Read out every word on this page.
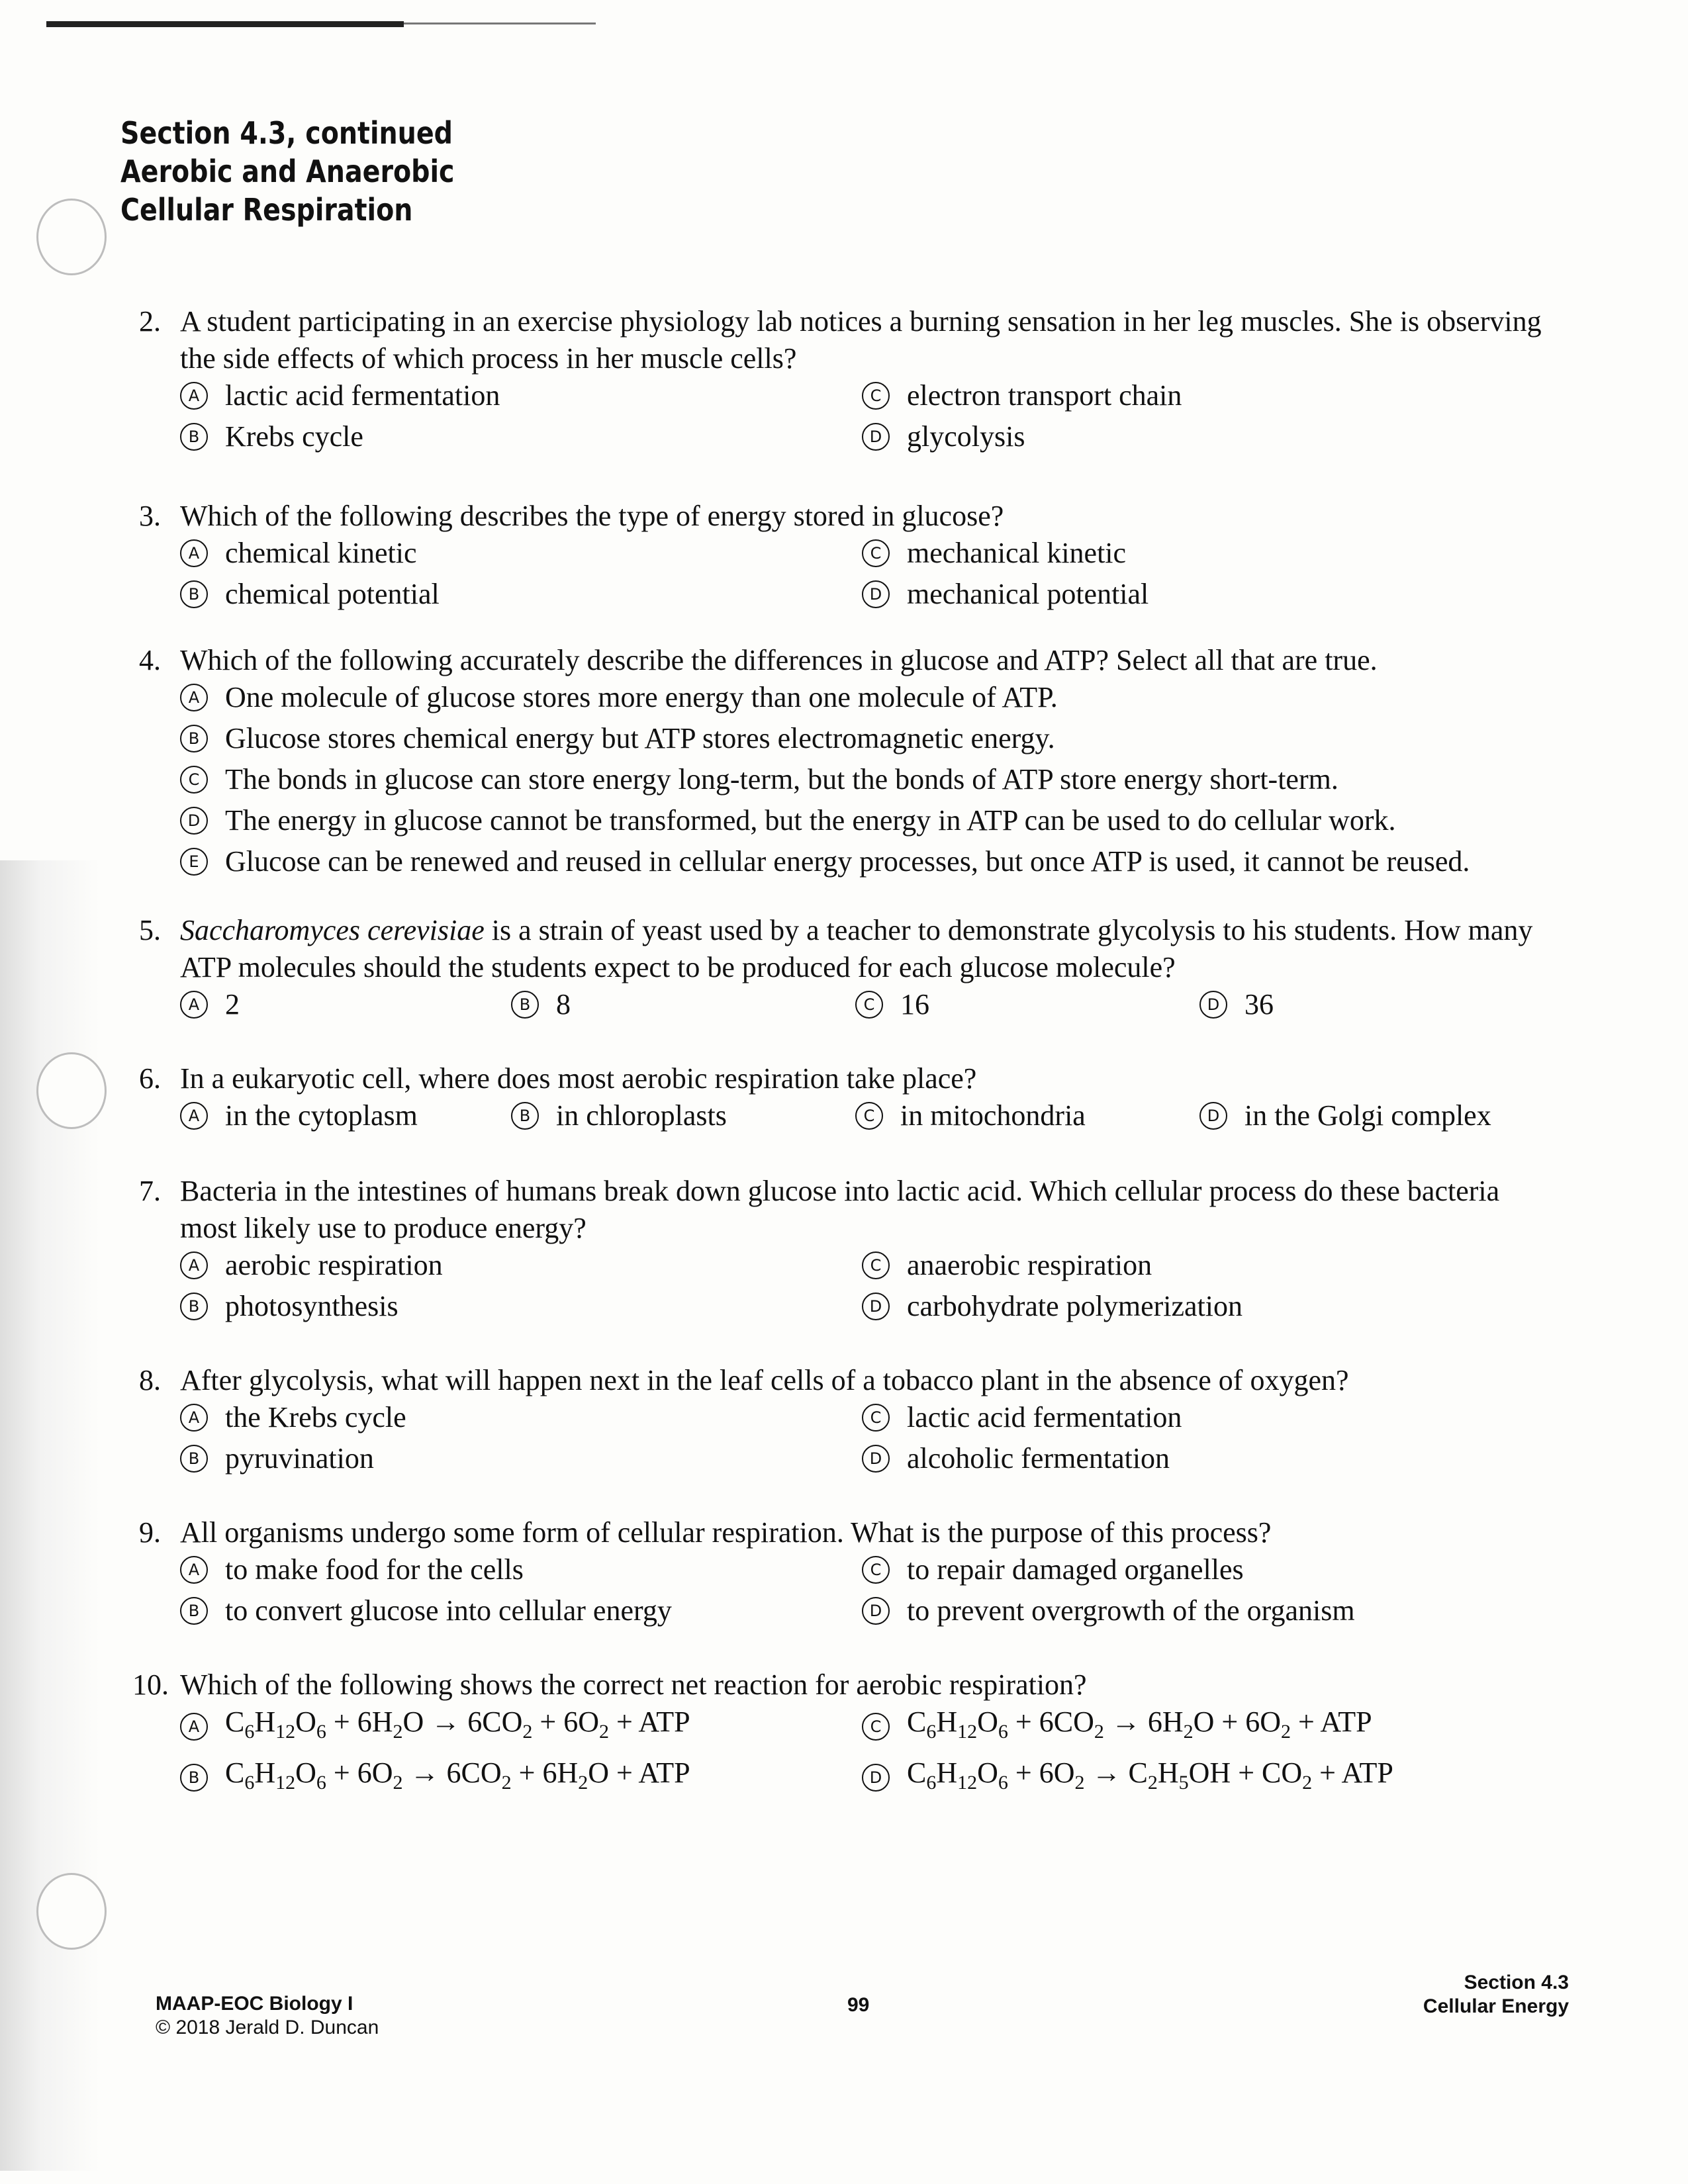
Section 4.3, continued
Aerobic and Anaerobic
Cellular Respiration
2. A student participating in an exercise physiology lab notices a burning sensation in her leg muscles. She is observing the side effects of which process in her muscle cells?
A lactic acid fermentation	C electron transport chain
B Krebs cycle	D glycolysis
3. Which of the following describes the type of energy stored in glucose?
A chemical kinetic	C mechanical kinetic
B chemical potential	D mechanical potential
4. Which of the following accurately describe the differences in glucose and ATP? Select all that are true.
A One molecule of glucose stores more energy than one molecule of ATP.
B Glucose stores chemical energy but ATP stores electromagnetic energy.
C The bonds in glucose can store energy long-term, but the bonds of ATP store energy short-term.
D The energy in glucose cannot be transformed, but the energy in ATP can be used to do cellular work.
E Glucose can be renewed and reused in cellular energy processes, but once ATP is used, it cannot be reused.
5. Saccharomyces cerevisiae is a strain of yeast used by a teacher to demonstrate glycolysis to his students. How many ATP molecules should the students expect to be produced for each glucose molecule?
A 2	B 8	C 16	D 36
6. In a eukaryotic cell, where does most aerobic respiration take place?
A in the cytoplasm	B in chloroplasts	C in mitochondria	D in the Golgi complex
7. Bacteria in the intestines of humans break down glucose into lactic acid. Which cellular process do these bacteria most likely use to produce energy?
A aerobic respiration	C anaerobic respiration
B photosynthesis	D carbohydrate polymerization
8. After glycolysis, what will happen next in the leaf cells of a tobacco plant in the absence of oxygen?
A the Krebs cycle	C lactic acid fermentation
B pyruvination	D alcoholic fermentation
9. All organisms undergo some form of cellular respiration. What is the purpose of this process?
A to make food for the cells	C to repair damaged organelles
B to convert glucose into cellular energy	D to prevent overgrowth of the organism
10. Which of the following shows the correct net reaction for aerobic respiration?
A $C_6H_{12}O_6 + 6H_2O \to 6CO_2 + 6O_2$ + ATP	C $C_6H_{12}O_6 + 6CO_2 \to 6H_2O + 6O_2$ + ATP
B $C_6H_{12}O_6 + 6O_2 \to 6CO_2 + 6H_2O$ + ATP	D $C_6H_{12}O_6 + 6O_2 \to C_2H_5OH + CO_2$ + ATP
MAAP-EOC Biology I
© 2018 Jerald D. Duncan
99
Section 4.3
Cellular Energy
